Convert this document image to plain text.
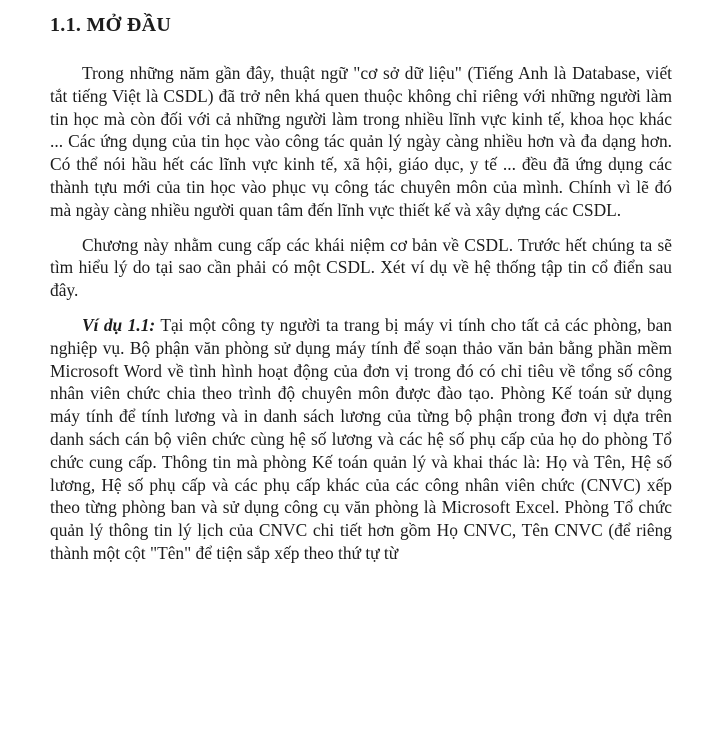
1.1. MỞ ĐẦU

Trong những năm gần đây, thuật ngữ "cơ sở dữ liệu" (Tiếng Anh là Database, viết tắt tiếng Việt là CSDL) đã trở nên khá quen thuộc không chỉ riêng với những người làm tin học mà còn đối với cả những người làm trong nhiều lĩnh vực kinh tế, khoa học khác ... Các ứng dụng của tin học vào công tác quản lý ngày càng nhiều hơn và đa dạng hơn. Có thể nói hầu hết các lĩnh vực kinh tế, xã hội, giáo dục, y tế ... đều đã ứng dụng các thành tựu mới của tin học vào phục vụ công tác chuyên môn của mình. Chính vì lẽ đó mà ngày càng nhiều người quan tâm đến lĩnh vực thiết kế và xây dựng các CSDL.

Chương này nhằm cung cấp các khái niệm cơ bản về CSDL. Trước hết chúng ta sẽ tìm hiểu lý do tại sao cần phải có một CSDL. Xét ví dụ về hệ thống tập tin cổ điển sau đây.

Ví dụ 1.1: Tại một công ty người ta trang bị máy vi tính cho tất cả các phòng, ban nghiệp vụ. Bộ phận văn phòng sử dụng máy tính để soạn thảo văn bản bằng phần mềm Microsoft Word về tình hình hoạt động của đơn vị trong đó có chỉ tiêu về tổng số công nhân viên chức chia theo trình độ chuyên môn được đào tạo. Phòng Kế toán sử dụng máy tính để tính lương và in danh sách lương của từng bộ phận trong đơn vị dựa trên danh sách cán bộ viên chức cùng hệ số lương và các hệ số phụ cấp của họ do phòng Tổ chức cung cấp. Thông tin mà phòng Kế toán quản lý và khai thác là: Họ và Tên, Hệ số lương, Hệ số phụ cấp và các phụ cấp khác của các công nhân viên chức (CNVC) xếp theo từng phòng ban và sử dụng công cụ văn phòng là Microsoft Excel. Phòng Tổ chức quản lý thông tin lý lịch của CNVC chi tiết hơn gồm Họ CNVC, Tên CNVC (để riêng thành một cột "Tên" để tiện sắp xếp theo thứ tự từ
